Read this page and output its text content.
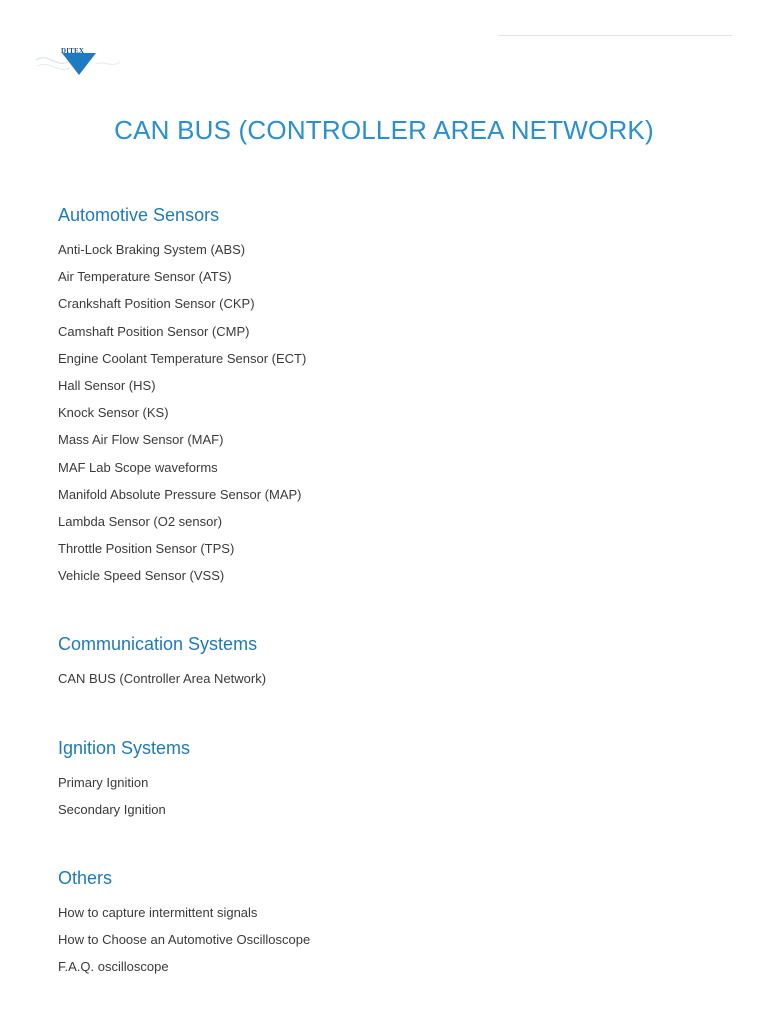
DITEX
CAN BUS (CONTROLLER AREA NETWORK)
Automotive Sensors
Anti-Lock Braking System (ABS)
Air Temperature Sensor (ATS)
Crankshaft Position Sensor (CKP)
Camshaft Position Sensor (CMP)
Engine Coolant Temperature Sensor (ECT)
Hall Sensor (HS)
Knock Sensor (KS)
Mass Air Flow Sensor (MAF)
MAF Lab Scope waveforms
Manifold Absolute Pressure Sensor (MAP)
Lambda Sensor (O2 sensor)
Throttle Position Sensor (TPS)
Vehicle Speed Sensor (VSS)
Communication Systems
CAN BUS (Controller Area Network)
Ignition Systems
Primary Ignition
Secondary Ignition
Others
How to capture intermittent signals
How to Choose an Automotive Oscilloscope
F.A.Q. oscilloscope
